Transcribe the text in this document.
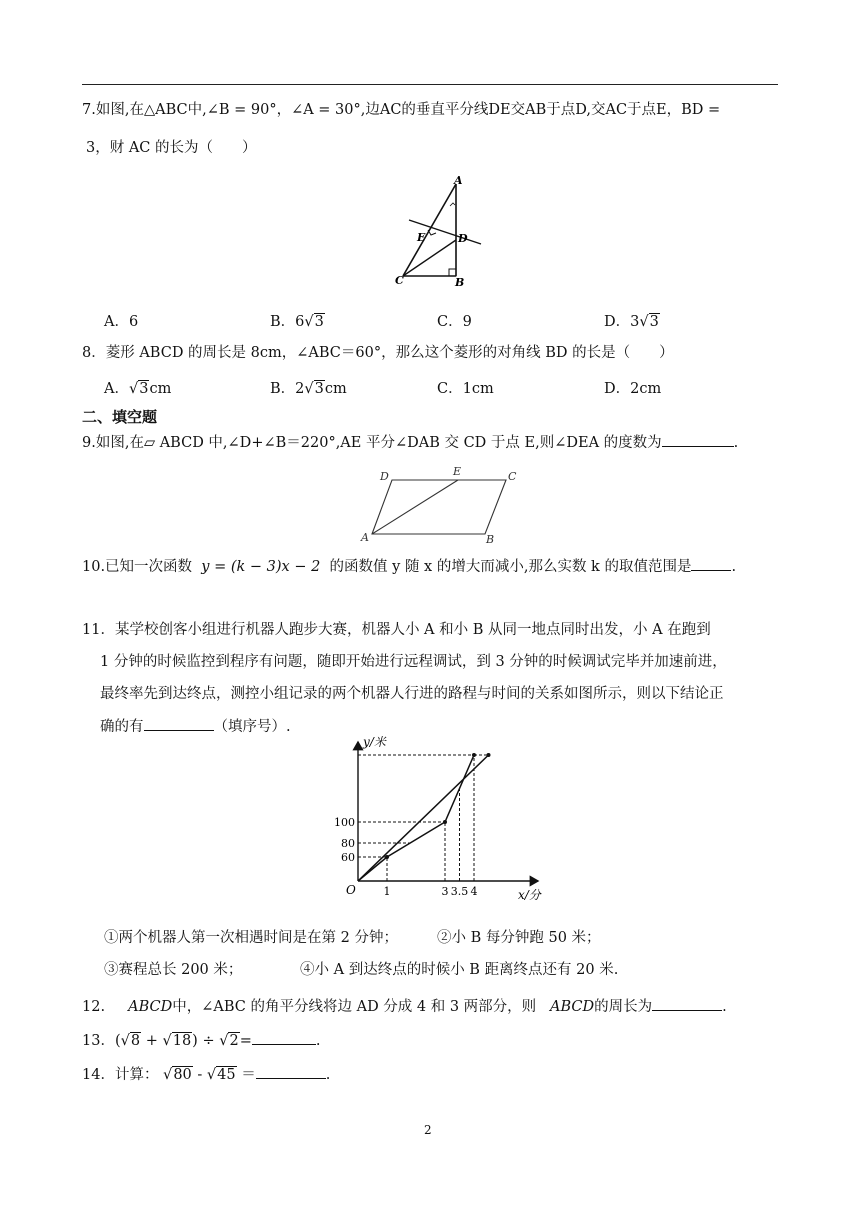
7.如图,在△ABC中,∠B = 90°，∠A = 30°,边AC的垂直平分线DE交AB于点D,交AC于点E，BD =
3，财 AC 的长为（　　）
A
E	D
C	B
A．6	B．6√3	C．9	D．3√3
8．菱形 ABCD 的周长是 8cm，∠ABC＝60°，那么这个菱形的对角线 BD 的长是（　　）
A．√3cm	B．2√3cm	C．1cm	D．2cm
二、填空题
9.如图,在▱ ABCD 中,∠D+∠B＝220°,AE 平分∠DAB 交 CD 于点 E,则∠DEA 的度数为	.
D	E	C
A	B
10.已知一次函数 y = (k − 3)x − 2 的函数值 y 随 x 的增大而减小,那么实数 k 的取值范围是	.
11．某学校创客小组进行机器人跑步大赛，机器人小 A 和小 B 从同一地点同时出发，小 A 在跑到
1 分钟的时候监控到程序有问题，随即开始进行远程调试，到 3 分钟的时候调试完毕并加速前进，
最终率先到达终点，测控小组记录的两个机器人行进的路程与时间的关系如图所示，则以下结论正
确的有	（填序号）.
y/米
x/分
O
60
80
100
1	3 3.5 4
①两个机器人第一次相遇时间是在第 2 分钟；	②小 B 每分钟跑 50 米；
③赛程总长 200 米；	④小 A 到达终点的时候小 B 距离终点还有 20 米.
12. ABCD中，∠ABC 的角平分线将边 AD 分成 4 和 3 两部分，则 ABCD的周长为	.
13．(√8 + √18) ÷ √2=	.
14．计算： √80 - √45 ＝	.
2
